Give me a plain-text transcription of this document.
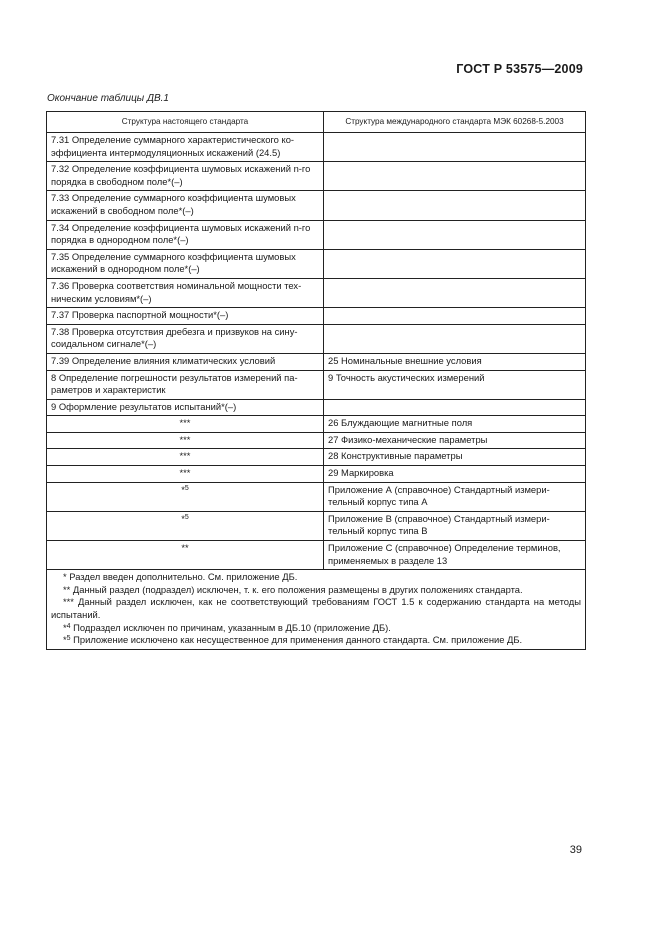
ГОСТ Р 53575—2009
Окончание таблицы ДВ.1
Структура настоящего стандарта	Структура международного стандарта МЭК 60268-5.2003
7.31 Определение суммарного характеристического ко-эффициента интермодуляционных искажений (24.5)	
7.32 Определение коэффициента шумовых искажений n-го порядка в свободном поле*(–)	
7.33 Определение суммарного коэффициента шумовых искажений в свободном поле*(–)	
7.34 Определение коэффициента шумовых искажений n-го порядка в однородном поле*(–)	
7.35 Определение суммарного коэффициента шумовых искажений в однородном поле*(–)	
7.36 Проверка соответствия номинальной мощности тех-ническим условиям*(–)	
7.37 Проверка паспортной мощности*(–)	
7.38 Проверка отсутствия дребезга и призвуков на сину-соидальном сигнале*(–)	
7.39 Определение влияния климатических условий	25 Номинальные внешние условия
8 Определение погрешности результатов измерений па-раметров и характеристик	9 Точность акустических измерений
9 Оформление результатов испытаний*(–)	
***	26 Блуждающие магнитные поля
***	27 Физико-механические параметры
***	28 Конструктивные параметры
***	29 Маркировка
*$^5$	Приложение А (справочное) Стандартный измери-тельный корпус типа А
*$^5$	Приложение В (справочное) Стандартный измери-тельный корпус типа В
**	Приложение С (справочное) Определение терминов, применяемых в разделе 13

* Раздел введен дополнительно. См. приложение ДБ.
** Данный раздел (подраздел) исключен, т. к. его положения размещены в других положениях стандарта.
*** Данный раздел исключен, как не соответствующий требованиям ГОСТ 1.5 к содержанию стандарта на методы испытаний.
*$^4$ Подраздел исключен по причинам, указанным в ДБ.10 (приложение ДБ).
*$^5$ Приложение исключено как несущественное для применения данного стандарта. См. приложение ДБ.	
39
